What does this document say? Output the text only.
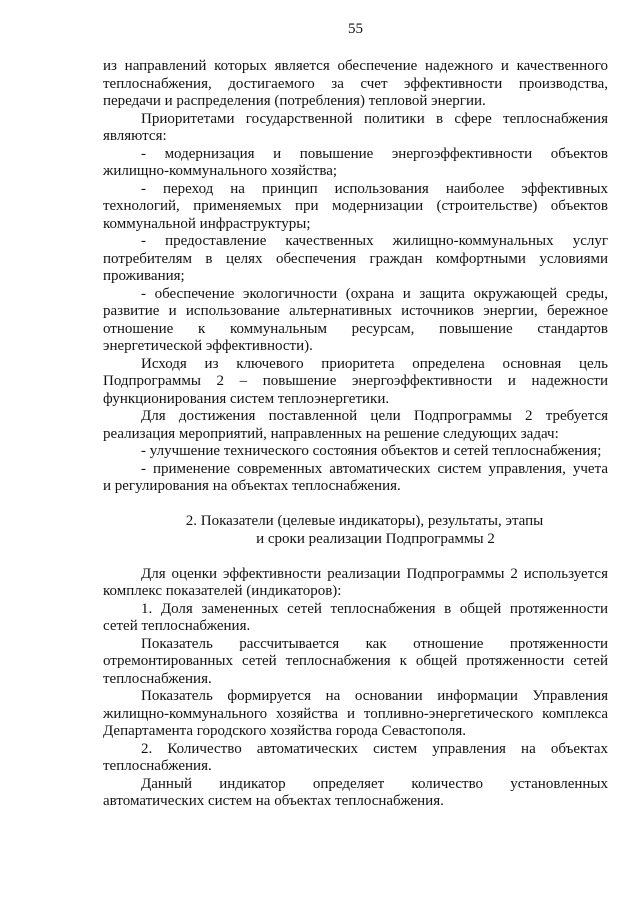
55
из направлений которых является обеспечение надежного и качественного
теплоснабжения, достигаемого за счет эффективности производства,
передачи и распределения (потребления) тепловой энергии.
Приоритетами государственной политики в сфере теплоснабжения
являются:
- модернизация и повышение энергоэффективности объектов
жилищно-коммунального хозяйства;
- переход на принцип использования наиболее эффективных
технологий, применяемых при модернизации (строительстве) объектов
коммунальной инфраструктуры;
- предоставление качественных жилищно-коммунальных услуг
потребителям в целях обеспечения граждан комфортными условиями
проживания;
- обеспечение экологичности (охрана и защита окружающей среды,
развитие и использование альтернативных источников энергии, бережное
отношение к коммунальным ресурсам, повышение стандартов
энергетической эффективности).
Исходя из ключевого приоритета определена основная цель
Подпрограммы 2 – повышение энергоэффективности и надежности
функционирования систем теплоэнергетики.
Для достижения поставленной цели Подпрограммы 2 требуется
реализация мероприятий, направленных на решение следующих задач:
- улучшение технического состояния объектов и сетей теплоснабжения;
- применение современных автоматических систем управления, учета
и регулирования на объектах теплоснабжения.
2. Показатели (целевые индикаторы), результаты, этапы
и сроки реализации Подпрограммы 2
Для оценки эффективности реализации Подпрограммы 2 используется
комплекс показателей (индикаторов):
1. Доля замененных сетей теплоснабжения в общей протяженности
сетей теплоснабжения.
Показатель рассчитывается как отношение протяженности
отремонтированных сетей теплоснабжения к общей протяженности сетей
теплоснабжения.
Показатель формируется на основании информации Управления
жилищно-коммунального хозяйства и топливно-энергетического комплекса
Департамента городского хозяйства города Севастополя.
2. Количество автоматических систем управления на объектах
теплоснабжения.
Данный индикатор определяет количество установленных
автоматических систем на объектах теплоснабжения.
